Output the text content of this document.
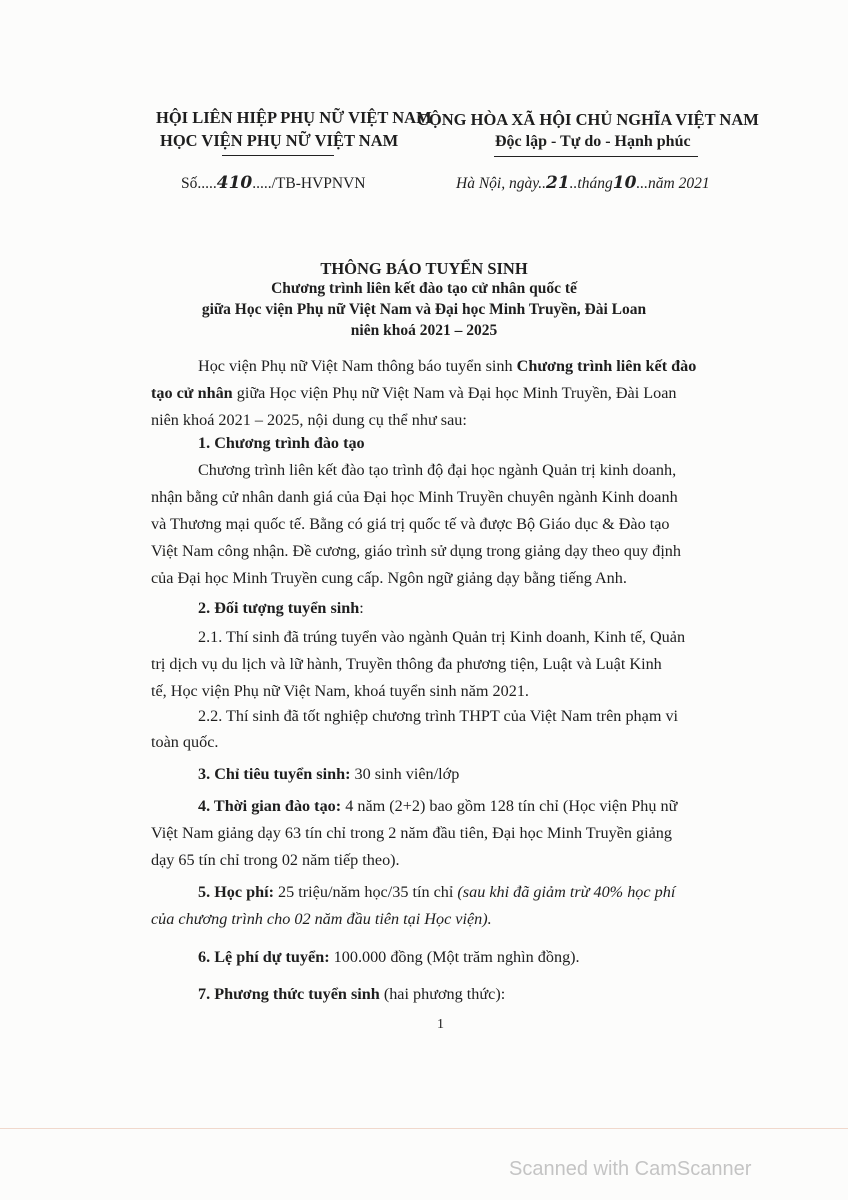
HỘI LIÊN HIỆP PHỤ NỮ VIỆT NAM
HỌC VIỆN PHỤ NỮ VIỆT NAM
CỘNG HÒA XÃ HỘI CHỦ NGHĨA VIỆT NAM
Độc lập - Tự do - Hạnh phúc
Số.....410...../TB-HVPNVN	Hà Nội, ngày..21..tháng10...năm 2021
THÔNG BÁO TUYỂN SINH
Chương trình liên kết đào tạo cử nhân quốc tế
giữa Học viện Phụ nữ Việt Nam và Đại học Minh Truyền, Đài Loan
niên khoá 2021 – 2025
Học viện Phụ nữ Việt Nam thông báo tuyển sinh Chương trình liên kết đào
tạo cử nhân giữa Học viện Phụ nữ Việt Nam và Đại học Minh Truyền, Đài Loan
niên khoá 2021 – 2025, nội dung cụ thể như sau:
1. Chương trình đào tạo
Chương trình liên kết đào tạo trình độ đại học ngành Quản trị kinh doanh,
nhận bằng cử nhân danh giá của Đại học Minh Truyền chuyên ngành Kinh doanh
và Thương mại quốc tế. Bằng có giá trị quốc tế và được Bộ Giáo dục & Đào tạo
Việt Nam công nhận. Đề cương, giáo trình sử dụng trong giảng dạy theo quy định
của Đại học Minh Truyền cung cấp. Ngôn ngữ giảng dạy bằng tiếng Anh.
2. Đối tượng tuyển sinh:
2.1. Thí sinh đã trúng tuyển vào ngành Quản trị Kinh doanh, Kinh tế, Quản
trị dịch vụ du lịch và lữ hành, Truyền thông đa phương tiện, Luật và Luật Kinh
tế, Học viện Phụ nữ Việt Nam, khoá tuyển sinh năm 2021.
2.2. Thí sinh đã tốt nghiệp chương trình THPT của Việt Nam trên phạm vi
toàn quốc.
3. Chỉ tiêu tuyển sinh: 30 sinh viên/lớp
4. Thời gian đào tạo: 4 năm (2+2) bao gồm 128 tín chỉ (Học viện Phụ nữ
Việt Nam giảng dạy 63 tín chỉ trong 2 năm đầu tiên, Đại học Minh Truyền giảng
dạy 65 tín chỉ trong 02 năm tiếp theo).
5. Học phí: 25 triệu/năm học/35 tín chỉ (sau khi đã giảm trừ 40% học phí
của chương trình cho 02 năm đầu tiên tại Học viện).
6. Lệ phí dự tuyển: 100.000 đồng (Một trăm nghìn đồng).
7. Phương thức tuyển sinh (hai phương thức):
1
Scanned with CamScanner
